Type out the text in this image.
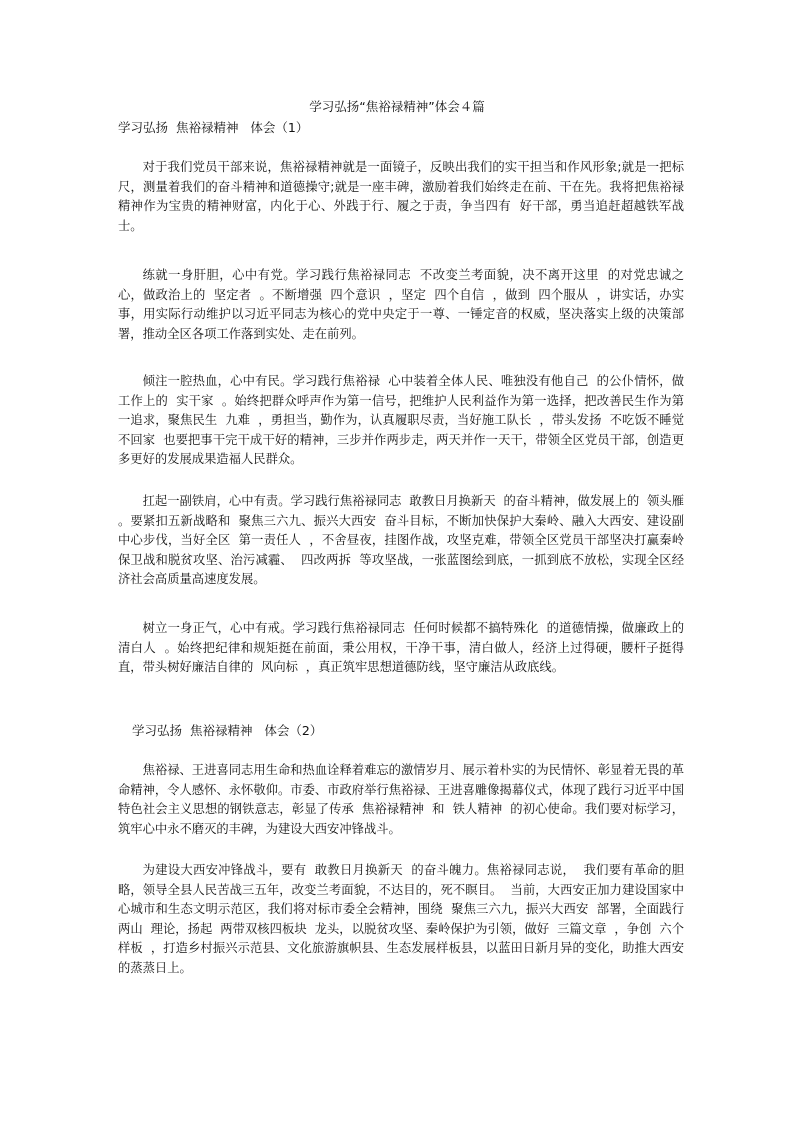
学习弘扬“焦裕禄精神”体会４篇
学习弘扬  焦裕禄精神   体会（1）

对于我们党员干部来说，焦裕禄精神就是一面镜子，反映出我们的实干担当和作风形象;就是一把标尺，测量着我们的奋斗精神和道德操守;就是一座丰碑，激励着我们始终走在前、干在先。我将把焦裕禄精神作为宝贵的精神财富，内化于心、外践于行、履之于责，争当四有  好干部，勇当追赶超越铁军战士。

练就一身肝胆，心中有党。学习践行焦裕禄同志  不改变兰考面貌，决不离开这里  的对党忠诚之心，做政治上的  坚定者  。不断增强  四个意识  ，坚定  四个自信  ，做到  四个服从  ，讲实话，办实事，用实际行动维护以习近平同志为核心的党中央定于一尊、一锤定音的权威，坚决落实上级的决策部署，推动全区各项工作落到实处、走在前列。

倾注一腔热血，心中有民。学习践行焦裕禄  心中装着全体人民、唯独没有他自己  的公仆情怀，做工作上的  实干家  。始终把群众呼声作为第一信号，把维护人民利益作为第一选择，把改善民生作为第一追求，聚焦民生  九难  ，勇担当，勤作为，认真履职尽责，当好施工队长  ，带头发扬  不吃饭不睡觉不回家  也要把事干完干成干好的精神，三步并作两步走，两天并作一天干，带领全区党员干部，创造更多更好的发展成果造福人民群众。

扛起一副铁肩，心中有责。学习践行焦裕禄同志  敢教日月换新天  的奋斗精神，做发展上的  领头雁  。要紧扣五新战略和  聚焦三六九、振兴大西安  奋斗目标，不断加快保护大秦岭、融入大西安、建设副中心步伐，当好全区  第一责任人  ，不舍昼夜，挂图作战，攻坚克难，带领全区党员干部坚决打赢秦岭保卫战和脱贫攻坚、治污减霾、  四改两拆  等攻坚战，一张蓝图绘到底，一抓到底不放松，实现全区经济社会高质量高速度发展。

树立一身正气，心中有戒。学习践行焦裕禄同志  任何时候都不搞特殊化  的道德情操，做廉政上的  清白人  。始终把纪律和规矩挺在前面，秉公用权，干净干事，清白做人，经济上过得硬，腰杆子挺得直，带头树好廉洁自律的  风向标  ，真正筑牢思想道德防线，坚守廉洁从政底线。

学习弘扬  焦裕禄精神   体会（2）

焦裕禄、王进喜同志用生命和热血诠释着难忘的激情岁月、展示着朴实的为民情怀、彰显着无畏的革命精神，令人感怀、永怀敬仰。市委、市政府举行焦裕禄、王进喜雕像揭幕仪式，体现了践行习近平中国特色社会主义思想的钢铁意志，彰显了传承  焦裕禄精神  和  铁人精神  的初心使命。我们要对标学习，筑牢心中永不磨灭的丰碑，为建设大西安冲锋战斗。

为建设大西安冲锋战斗，要有  敢教日月换新天  的奋斗魄力。焦裕禄同志说，  我们要有革命的胆略，领导全县人民苦战三五年，改变兰考面貌，不达目的，死不瞑目。  当前，大西安正加力建设国家中心城市和生态文明示范区，我们将对标市委全会精神，围绕  聚焦三六九，振兴大西安  部署，全面践行  两山  理论，扬起  两带双核四板块  龙头，以脱贫攻坚、秦岭保护为引领，做好  三篇文章  ，争创  六个样板  ，打造乡村振兴示范县、文化旅游旗帜县、生态发展样板县，以蓝田日新月异的变化，助推大西安的蒸蒸日上。
